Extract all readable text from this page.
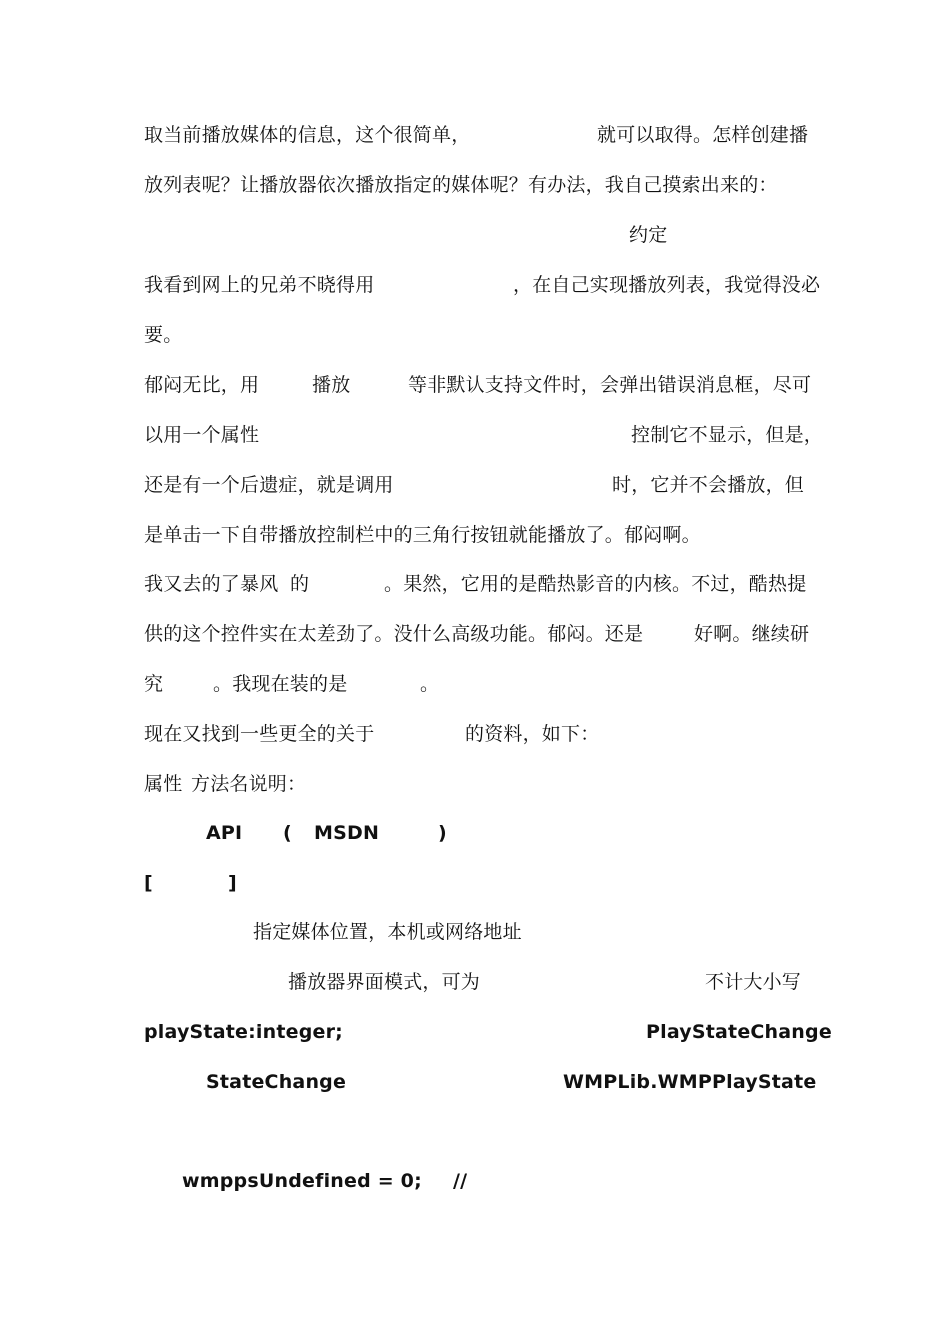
取当前播放媒体的信息，这个很简单，	就可以取得。怎样创建播
放列表呢？让播放器依次播放指定的媒体呢？有办法，我自己摸索出来的：
约定
我看到网上的兄弟不晓得用	，在自己实现播放列表，我觉得没必
要。
郁闷无比，用	播放	等非默认支持文件时，会弹出错误消息框，尽可
以用一个属性	控制它不显示，但是，
还是有一个后遗症，就是调用	时，它并不会播放，但
是单击一下自带播放控制栏中的三角行按钮就能播放了。郁闷啊。
我又去的了暴风 的	。果然，它用的是酷热影音的内核。不过，酷热提
供的这个控件实在太差劲了。没什么高级功能。郁闷。还是	好啊。继续研
究	。我现在装的是	。
现在又找到一些更全的关于	的资料，如下：
属性 方法名说明：
API ( MSDN	)
[	]
指定媒体位置，本机或网络地址
播放器界面模式，可为	不计大小写
playState:integer;	PlayStateChange
StateChange	WMPLib.WMPPlayState
wmppsUndefined = 0; //
